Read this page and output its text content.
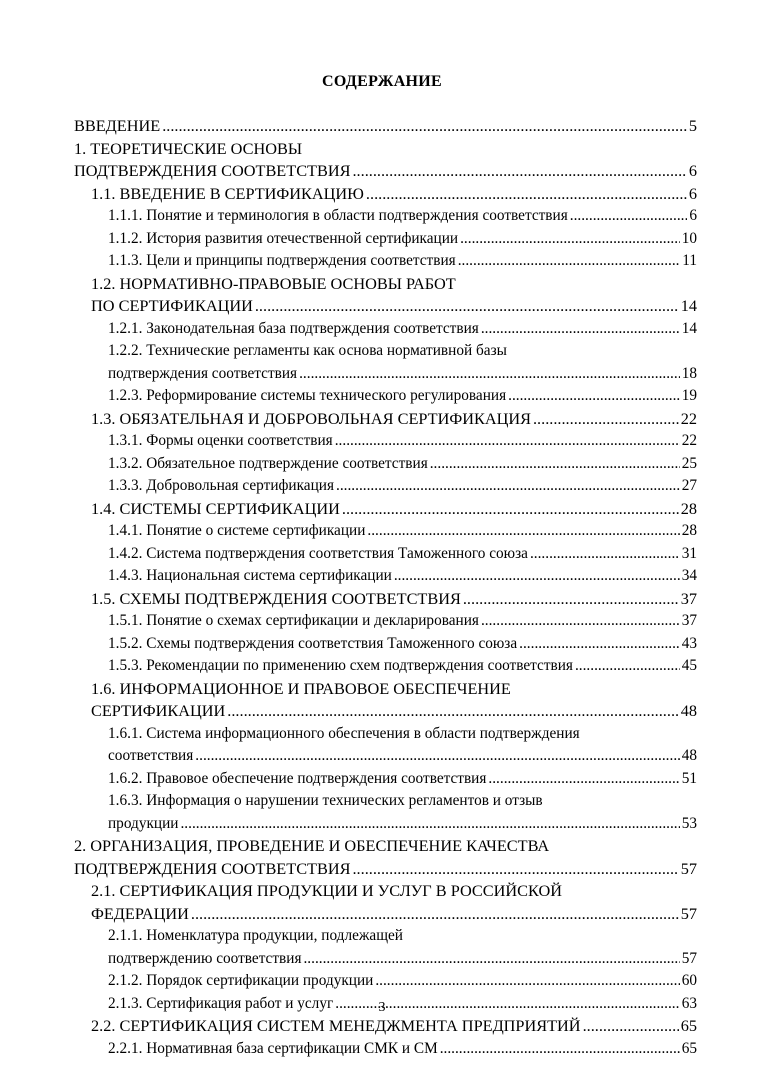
СОДЕРЖАНИЕ
ВВЕДЕНИЕ .....	5
1. ТЕОРЕТИЧЕСКИЕ ОСНОВЫ
ПОДТВЕРЖДЕНИЯ СООТВЕТСТВИЯ .....	6
1.1. ВВЕДЕНИЕ В СЕРТИФИКАЦИЮ .....	6
1.1.1. Понятие и терминология в области подтверждения соответствия .....	6
1.1.2. История развития отечественной сертификации .....	10
1.1.3. Цели и принципы подтверждения соответствия .....	11
1.2. НОРМАТИВНО-ПРАВОВЫЕ ОСНОВЫ РАБОТ
ПО СЕРТИФИКАЦИИ .....	14
1.2.1. Законодательная база подтверждения соответствия .....	14
1.2.2. Технические регламенты как основа нормативной базы
подтверждения соответствия .....	18
1.2.3. Реформирование системы технического регулирования .....	19
1.3. ОБЯЗАТЕЛЬНАЯ И ДОБРОВОЛЬНАЯ СЕРТИФИКАЦИЯ .....	22
1.3.1. Формы оценки соответствия .....	22
1.3.2. Обязательное подтверждение соответствия .....	25
1.3.3. Добровольная сертификация .....	27
1.4. СИСТЕМЫ СЕРТИФИКАЦИИ .....	28
1.4.1. Понятие о системе сертификации .....	28
1.4.2. Система подтверждения соответствия Таможенного союза .....	31
1.4.3. Национальная система сертификации .....	34
1.5. СХЕМЫ ПОДТВЕРЖДЕНИЯ СООТВЕТСТВИЯ .....	37
1.5.1. Понятие о схемах сертификации и декларирования .....	37
1.5.2. Схемы подтверждения соответствия Таможенного союза .....	43
1.5.3. Рекомендации по применению схем подтверждения соответствия .....	45
1.6. ИНФОРМАЦИОННОЕ И ПРАВОВОЕ ОБЕСПЕЧЕНИЕ
СЕРТИФИКАЦИИ .....	48
1.6.1. Система информационного обеспечения в области подтверждения
соответствия .....	48
1.6.2. Правовое обеспечение подтверждения соответствия .....	51
1.6.3. Информация о нарушении технических регламентов и отзыв
продукции .....	53
2. ОРГАНИЗАЦИЯ, ПРОВЕДЕНИЕ И ОБЕСПЕЧЕНИЕ КАЧЕСТВА
ПОДТВЕРЖДЕНИЯ СООТВЕТСТВИЯ .....	57
2.1. СЕРТИФИКАЦИЯ ПРОДУКЦИИ И УСЛУГ В РОССИЙСКОЙ
ФЕДЕРАЦИИ .....	57
2.1.1. Номенклатура продукции, подлежащей
подтверждению соответствия .....	57
2.1.2. Порядок сертификации продукции .....	60
2.1.3. Сертификация работ и услуг .....	63
2.2. СЕРТИФИКАЦИЯ СИСТЕМ МЕНЕДЖМЕНТА ПРЕДПРИЯТИЙ .....	65
2.2.1. Нормативная база сертификации СМК и СМ .....	65
3
